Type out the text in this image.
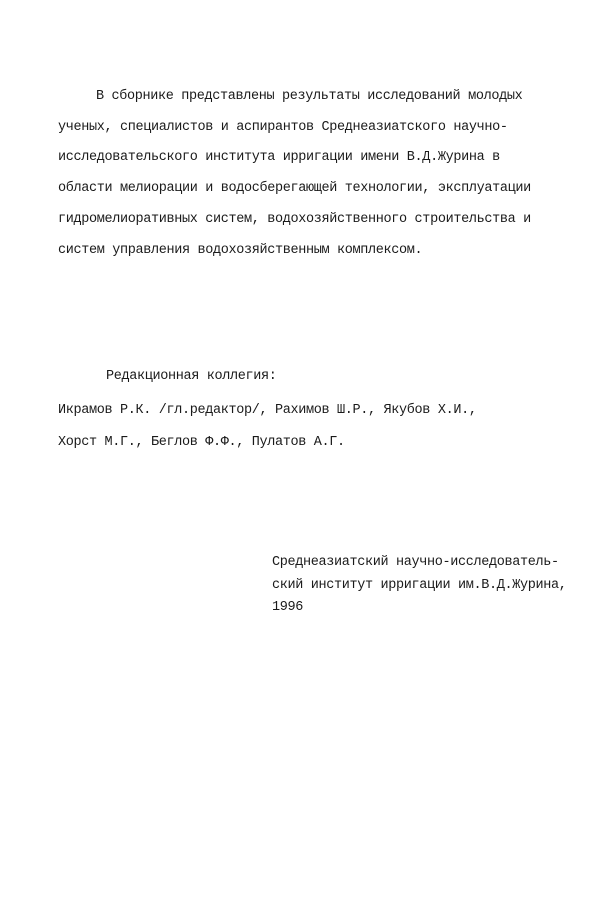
В сборнике представлены результаты исследований молодых
ученых, специалистов и аспирантов Среднеазиатского научно-
исследовательского института ирригации имени В.Д.Журина в
области мелиорации и водосберегающей технологии, эксплуатации
гидромелиоративных систем, водохозяйственного строительства и
систем управления водохозяйственным комплексом.
Редакционная коллегия:
Икрамов Р.К. /гл.редактор/, Рахимов Ш.Р., Якубов Х.И.,
Хорст М.Г., Беглов Ф.Ф., Пулатов А.Г.
Среднеазиатский научно-исследователь-
ский институт ирригации им.В.Д.Журина,
1996
